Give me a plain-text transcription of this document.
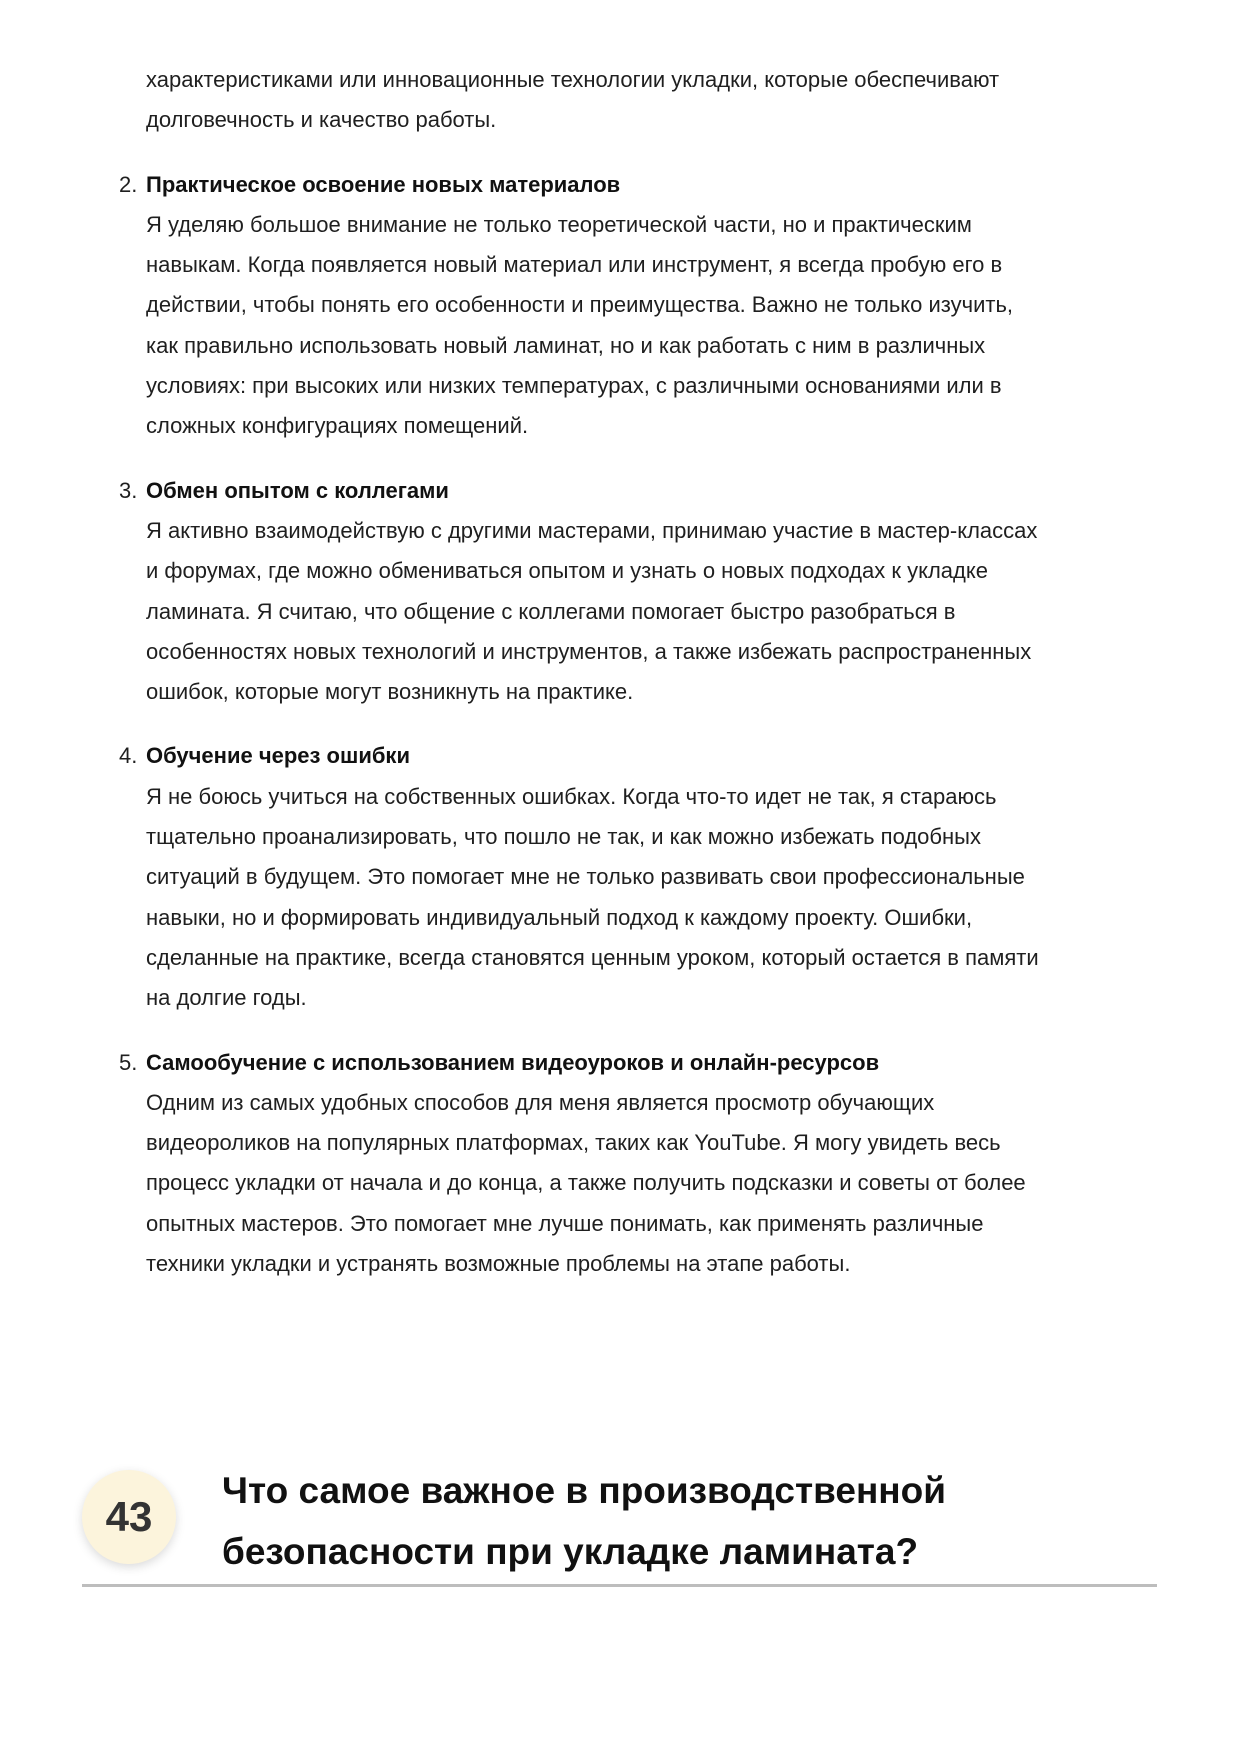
характеристиками или инновационные технологии укладки, которые обеспечивают
долговечность и качество работы.
2. Практическое освоение новых материалов
Я уделяю большое внимание не только теоретической части, но и практическим
навыкам. Когда появляется новый материал или инструмент, я всегда пробую его в
действии, чтобы понять его особенности и преимущества. Важно не только изучить,
как правильно использовать новый ламинат, но и как работать с ним в различных
условиях: при высоких или низких температурах, с различными основаниями или в
сложных конфигурациях помещений.
3. Обмен опытом с коллегами
Я активно взаимодействую с другими мастерами, принимаю участие в мастер-классах
и форумах, где можно обмениваться опытом и узнать о новых подходах к укладке
ламината. Я считаю, что общение с коллегами помогает быстро разобраться в
особенностях новых технологий и инструментов, а также избежать распространенных
ошибок, которые могут возникнуть на практике.
4. Обучение через ошибки
Я не боюсь учиться на собственных ошибках. Когда что-то идет не так, я стараюсь
тщательно проанализировать, что пошло не так, и как можно избежать подобных
ситуаций в будущем. Это помогает мне не только развивать свои профессиональные
навыки, но и формировать индивидуальный подход к каждому проекту. Ошибки,
сделанные на практике, всегда становятся ценным уроком, который остается в памяти
на долгие годы.
5. Самообучение с использованием видеоуроков и онлайн-ресурсов
Одним из самых удобных способов для меня является просмотр обучающих
видеороликов на популярных платформах, таких как YouTube. Я могу увидеть весь
процесс укладки от начала и до конца, а также получить подсказки и советы от более
опытных мастеров. Это помогает мне лучше понимать, как применять различные
техники укладки и устранять возможные проблемы на этапе работы.
43
Что самое важное в производственной
безопасности при укладке ламината?
